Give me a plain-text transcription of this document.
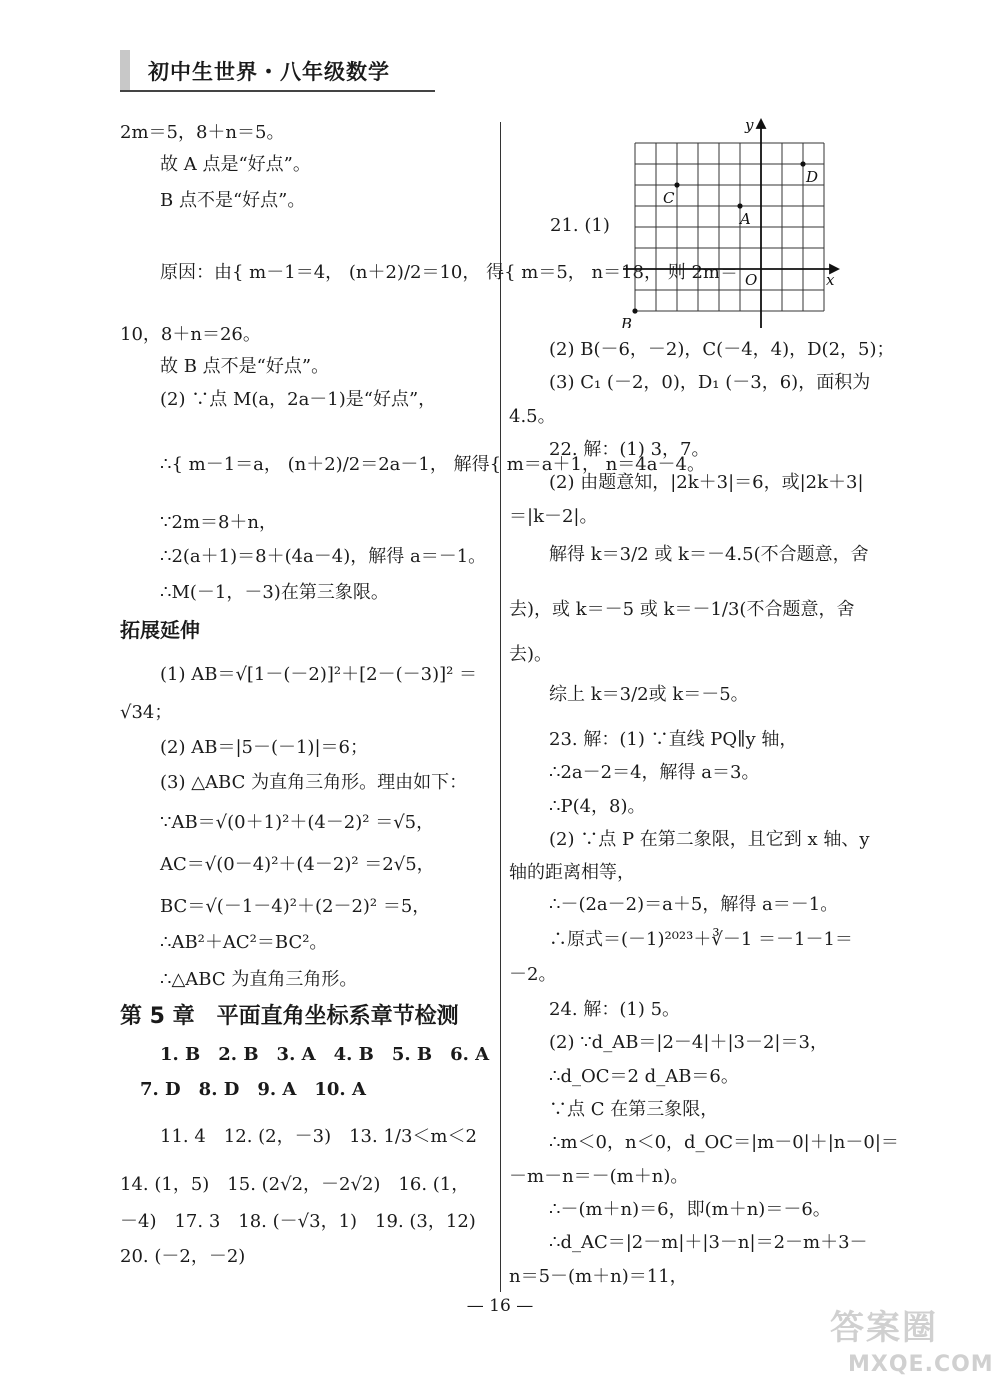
初中生世界・八年级数学
2m＝5，8＋n＝5。
故 A 点是“好点”。
B 点不是“好点”。
原因：由{ m－1＝4， (n＋2)/2＝10， 得{ m＝5， n＝18， 则 2m＝
10，8＋n＝26。
故 B 点不是“好点”。
(2) ∵点 M(a，2a－1)是“好点”，
∴{ m－1＝a， (n＋2)/2＝2a－1， 解得{ m＝a＋1， n＝4a－4。
∵2m＝8＋n，
∴2(a＋1)＝8＋(4a－4)，解得 a＝－1。
∴M(－1，－3)在第三象限。
拓展延伸
(1) AB＝√[1－(－2)]²＋[2－(－3)]² ＝
√34；
(2) AB＝|5－(－1)|＝6；
(3) △ABC 为直角三角形。理由如下：
∵AB＝√(0＋1)²＋(4－2)² ＝√5，
AC＝√(0－4)²＋(4－2)² ＝2√5，
BC＝√(－1－4)²＋(2－2)² ＝5，
∴AB²＋AC²＝BC²。
∴△ABC 为直角三角形。
第 5 章　平面直角坐标系章节检测
1. B　2. B　3. A　4. B　5. B　6. A
7. D　8. D　9. A　10. A
11. 4　12. (2，－3)　13. 1/3＜m＜2
14. (1，5)　15. (2√2，－2√2)　16. (1，
－4)　17. 3　18. (－√3，1)　19. (3，12)
20. (－2，－2)
21. (1)
x
y
O
A
B
C
D
(2) B(－6，－2)，C(－4，4)，D(2，5)；
(3) C₁ (－2，0)，D₁ (－3，6)，面积为
4.5。
22. 解：(1) 3，7。
(2) 由题意知，|2k＋3|＝6，或|2k＋3|
＝|k－2|。
解得 k＝3/2 或 k＝－4.5(不合题意，舍
去)，或 k＝－5 或 k＝－1/3(不合题意，舍
去)。
综上 k＝3/2或 k＝－5。
23. 解：(1) ∵直线 PQ∥y 轴，
∴2a－2＝4，解得 a＝3。
∴P(4，8)。
(2) ∵点 P 在第二象限，且它到 x 轴、y
轴的距离相等，
∴－(2a－2)＝a＋5，解得 a＝－1。
∴原式＝(－1)²⁰²³＋∛－1 ＝－1－1＝
－2。
24. 解：(1) 5。
(2) ∵d_AB＝|2－4|＋|3－2|＝3，
∴d_OC＝2 d_AB＝6。
∵点 C 在第三象限，
∴m＜0，n＜0，d_OC＝|m－0|＋|n－0|＝
－m－n＝－(m＋n)。
∴－(m＋n)＝6，即(m＋n)＝－6。
∴d_AC＝|2－m|＋|3－n|＝2－m＋3－
n＝5－(m＋n)＝11，
— 16 —
答案圈
MXQE.COM
